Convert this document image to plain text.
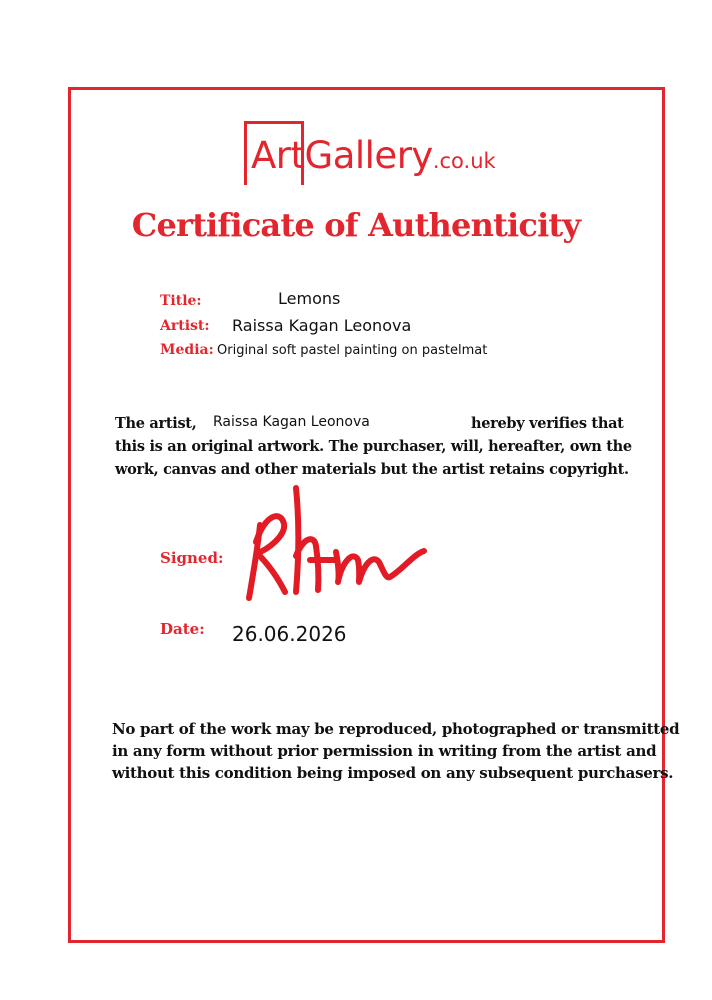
ArtGallery.co.uk
Certificate of Authenticity
Title:	Lemons
Artist: Raissa Kagan Leonova
Media: Original soft pastel painting on pastelmat
The artist, Raissa Kagan Leonova	hereby verifies that
this is an original artwork. The purchaser, will, hereafter, own the
work, canvas and other materials but the artist retains copyright.
Signed:
Date: 26.06.2026
No part of the work may be reproduced, photographed or transmitted
in any form without prior permission in writing from the artist and
without this condition being imposed on any subsequent purchasers.
